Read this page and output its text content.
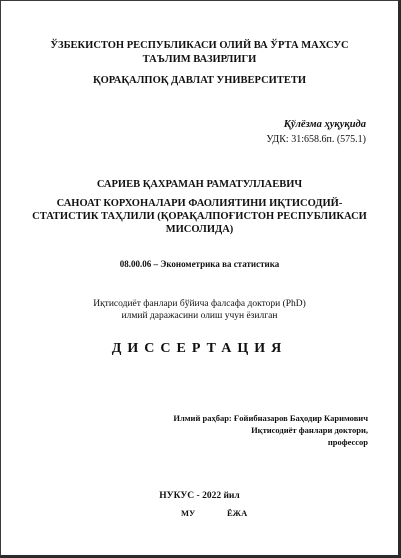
ЎЗБЕКИСТОН РЕСПУБЛИКАСИ ОЛИЙ ВА ЎРТА МАХСУС
ТАЪЛИМ ВАЗИРЛИГИ
ҚОРАҚАЛПОҚ ДАВЛАТ УНИВЕРСИТЕТИ
Қўлёзма ҳуқуқида
УДК: 31:658.6п. (575.1)
САРИЕВ ҚАХРАМАН РАМАТУЛЛАЕВИЧ
САНОАТ КОРХОНАЛАРИ ФАОЛИЯТИНИ ИҚТИСОДИЙ-
СТАТИСТИК ТАҲЛИЛИ (ҚОРАҚАЛПОҒИСТОН РЕСПУБЛИКАСИ
МИСОЛИДА)
08.00.06 – Эконометрика ва статистика
Иқтисодиёт фанлари бўйича фалсафа доктори (PhD)
илмий даражасини олиш учун ёзилган
ДИССЕРТАЦИЯ
Илмий раҳбар: Ғойибназаров Баҳодир Каримович
Иқтисодиёт фанлари доктори,
профессор
НУКУС - 2022 йил
МУ	ЁЖА
